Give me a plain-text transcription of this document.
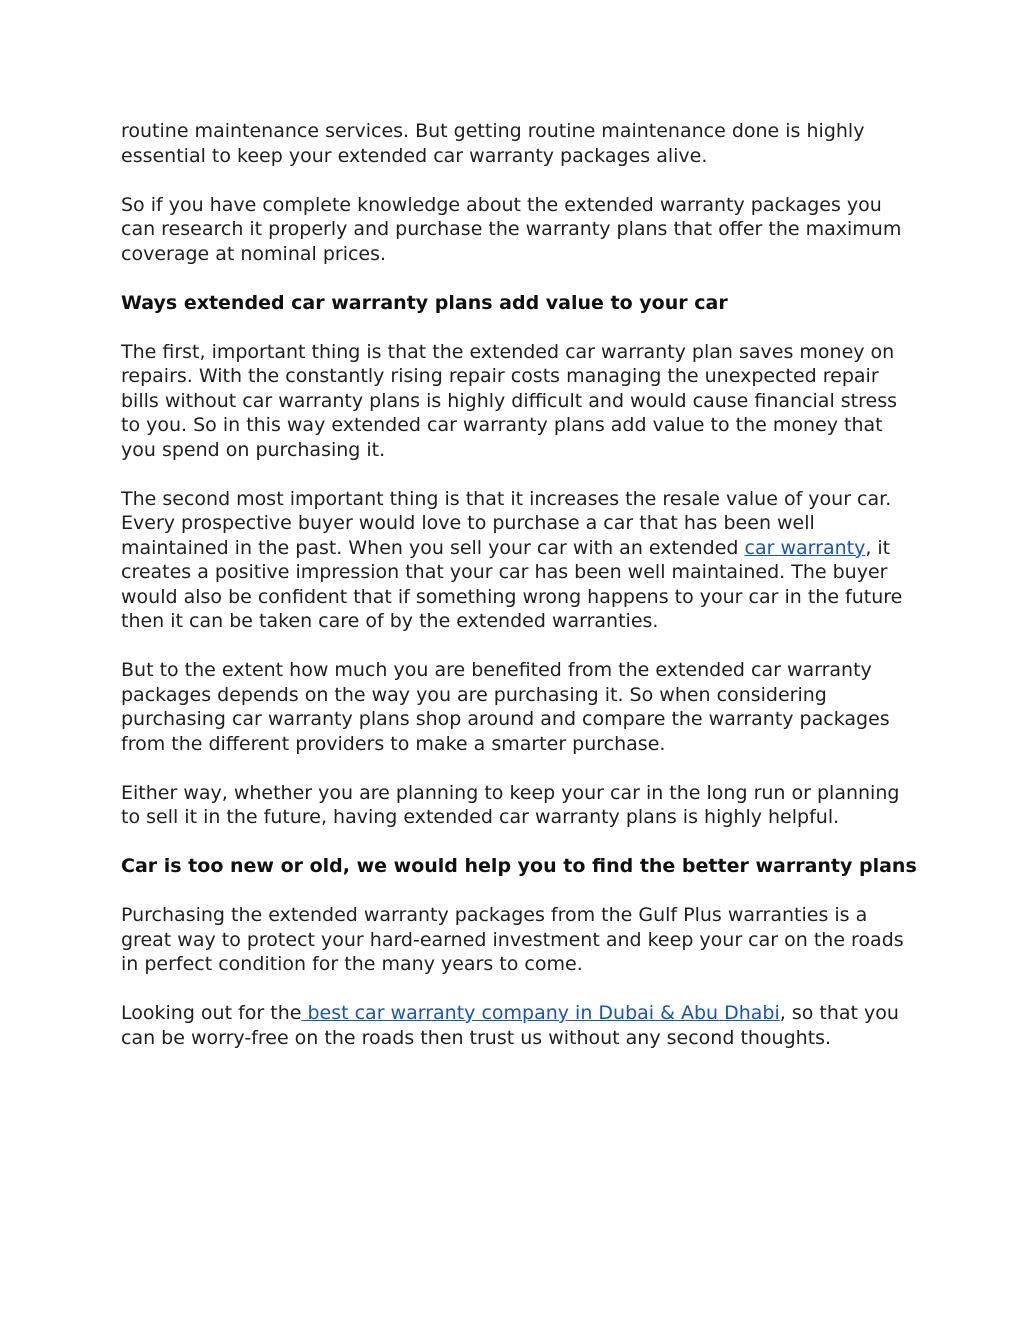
routine maintenance services. But getting routine maintenance done is highly essential to keep your extended car warranty packages alive.

So if you have complete knowledge about the extended warranty packages you can research it properly and purchase the warranty plans that offer the maximum coverage at nominal prices.

Ways extended car warranty plans add value to your car

The first, important thing is that the extended car warranty plan saves money on repairs. With the constantly rising repair costs managing the unexpected repair bills without car warranty plans is highly difficult and would cause financial stress to you. So in this way extended car warranty plans add value to the money that you spend on purchasing it.

The second most important thing is that it increases the resale value of your car. Every prospective buyer would love to purchase a car that has been well maintained in the past. When you sell your car with an extended car warranty, it creates a positive impression that your car has been well maintained. The buyer would also be confident that if something wrong happens to your car in the future then it can be taken care of by the extended warranties.

But to the extent how much you are benefited from the extended car warranty packages depends on the way you are purchasing it. So when considering purchasing car warranty plans shop around and compare the warranty packages from the different providers to make a smarter purchase.

Either way, whether you are planning to keep your car in the long run or planning to sell it in the future, having extended car warranty plans is highly helpful.

Car is too new or old, we would help you to find the better warranty plans

Purchasing the extended warranty packages from the Gulf Plus warranties is a great way to protect your hard-earned investment and keep your car on the roads in perfect condition for the many years to come.

Looking out for the best car warranty company in Dubai & Abu Dhabi, so that you can be worry-free on the roads then trust us without any second thoughts.
